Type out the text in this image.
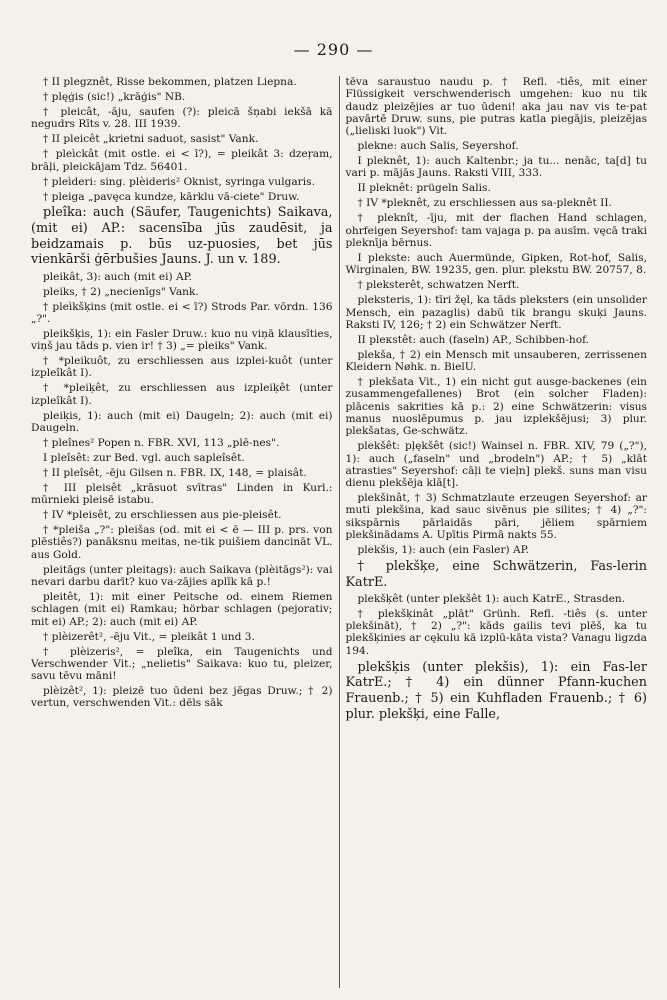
— 290 —

† II plegznêt, Risse bekommen, platzen Liepna.

† plęģis (sic!) „krāģis" NB.

† pleicât, -āju, saufen (?): pleicā šņabi iekšā kā negudrs Rīts v. 28. III 1939.

† II pleicêt „krietni saduot, sasist" Vank.

† pleìckât (mit ostle. ei < ī?), = pleikât 3: dzeŗam, brāļi, pleickājam Tdz. 56401.

† pleìderi: sing. plèideris² Oknist, syringa vulgaris.

† pleiga „pavęca kundze, kārklu vā-ciete" Druw.

pleîka: auch (Säufer, Taugenichts) Saikava, (mit ei) AP.: sacensība jūs zaudēsit, ja beidzamais p. būs uz-puosies, bet jūs vienkārši ģērbušies Jauns. J. un v. 189.

pleikât, 3): auch (mit ei) AP.

pleiks, † 2) „necienīgs" Vank.

† pleìkšķins (mit ostle. ei < ī?) Strods Par. vōrdn. 136 „?".

pleikšķis, 1): ein Fasler Druw.: kuo nu viņā klausīties, viņš jau tāds p. vien ir! † 3) „= pleiks" Vank.

† *pleikuôt, zu erschliessen aus izplei-kuôt (unter izpleîkât I).

† *pleiķêt, zu erschliessen aus izpleiķêt (unter izpleîkât I).

pleiķis, 1): auch (mit ei) Daugeln; 2): auch (mit ei) Daugeln.

† pleînes² Popen n. FBR. XVI, 113 „plē-nes".

I pleîsêt: zur Bed. vgl. auch saplеîsêt.

† II pleîsêt, -ēju Gilsen n. FBR. IX, 148, = plaisât.

† III pleisêt „krāsuot svītras" Linden in Kurl.: mūrnieki pleisē istabu.

† IV *pleisêt, zu erschliessen aus pie-pleisêt.

† *pleiša „?": pleišas (od. mit ei < ē — III p. prs. von plēstiês?) panāksnu meitas, ne-tik puišiem dancināt VL. aus Gold.

pleitāgs (unter pleitags): auch Saikava (plèitāgs²): vai nevari darbu darīt? kuo va-zājies aplīk kā p.!

pleitêt, 1): mit einer Peitsche od. einem Riemen schlagen (mit ei) Ramkau; hörbar schlagen (pejorativ; mit ei) AP.; 2): auch (mit ei) AP.

† plèizerêt², -ēju Vit., = pleikât 1 und 3.

† plèizeris², = pleîka, ein Taugenichts und Verschwender Vit.; „nelietis" Saikava: kuo tu, pleizer, savu tēvu māni!

plèizêt², 1): pleizē tuo ūdeni bez jēgas Druw.; † 2) vertun, verschwenden Vit.: dēls sāk

tēva saraustuo naudu p. † Refl. -tiês, mit einer Flüssigkeit verschwenderisch umgehen: kuo nu tik daudz pleizējies ar tuo ūdeni! aka jau nav vis te·pat pavārtē Druw. suns, pie putras katla piegājis, pleizējas („lieliski luok") Vit.

plekne: auch Salis, Seyershof.

I pleknêt, 1): auch Kaltenbr.; ja tu... nenāc, ta[d] tu vari p. mājās Jauns. Raksti VIII, 333.

II pleknêt: prügeln Salis.

† IV *pleknêt, zu erschliessen aus sa-pleknêt II.

† pleknît, -īju, mit der flachen Hand schlagen, ohrfeigen Seyershof: tam vajaga p. pa ausīm. vęcā traki pleknīja bērnus.

I plekste: auch Auermünde, Gipken, Rot-hof, Salis, Wirginalen, BW. 19235, gen. plur. plekstu BW. 20757, 8.

† pleksterêt, schwatzen Nerft.

pleksteris, 1): tīri žęl, ka tāds pleksters (ein unsolider Mensch, ein pazaglis) dabū tik brangu skuķi Jauns. Raksti IV, 126; † 2) ein Schwätzer Nerft.

II pleкstêt: auch (faseln) AP., Schibben-hof.

plekša, † 2) ein Mensch mit unsauberen, zerrissenen Kleidern Nøhk. n. BielU.

† plekšata Vit., 1) ein nicht gut ausge-backenes (ein zusammengefallenes) Brot (ein solcher Fladen): plācenis sakrities kā p.: 2) eine Schwätzerin: visus manus nuoslēpumus p. jau izplekšējusi; 3) plur. plekšatas, Ge-schwätz.

plekšêt: pļękšêt (sic!) Wainsel n. FBR. XIV, 79 („?"), 1): auch („faseln" und „brodeln") AP.; † 5) „klāt atrasties" Seyershof: cāļi te vieļn] plekš. suns man visu dienu plekšēja klā[t].

plekšinât, † 3) Schmatzlaute erzeugen Seyershof: ar muti plekšina, kad sauc sivēnus pie silites; † 4) „?": sikspārnis pārlaidās pāri, jēliem spārniem plekšinādams A. Upītis Pirmā nakts 55.

plekšis, 1): auch (ein Fasler) AP.

† plekšķe, eine Schwätzerin, Fas-lerin KatrE.

plekšķêt (unter plekšêt 1): auch KatrE., Strasden.

† plekšķinât „plāt" Grünh. Refl. -tiês (s. unter plekšināt), † 2) „?": kāds gailis tevi plēš, ka tu plekšķinies ar cękulu kā izplū-kāta vista? Vanagu ligzda 194.

plekšķis (unter plekšis), 1): ein Fas-ler KatrE.; † 4) ein dünner Pfann-kuchen Frauenb.; † 5) ein Kuhfladen Frauenb.; † 6) plur. plekšķi, eine Falle,
